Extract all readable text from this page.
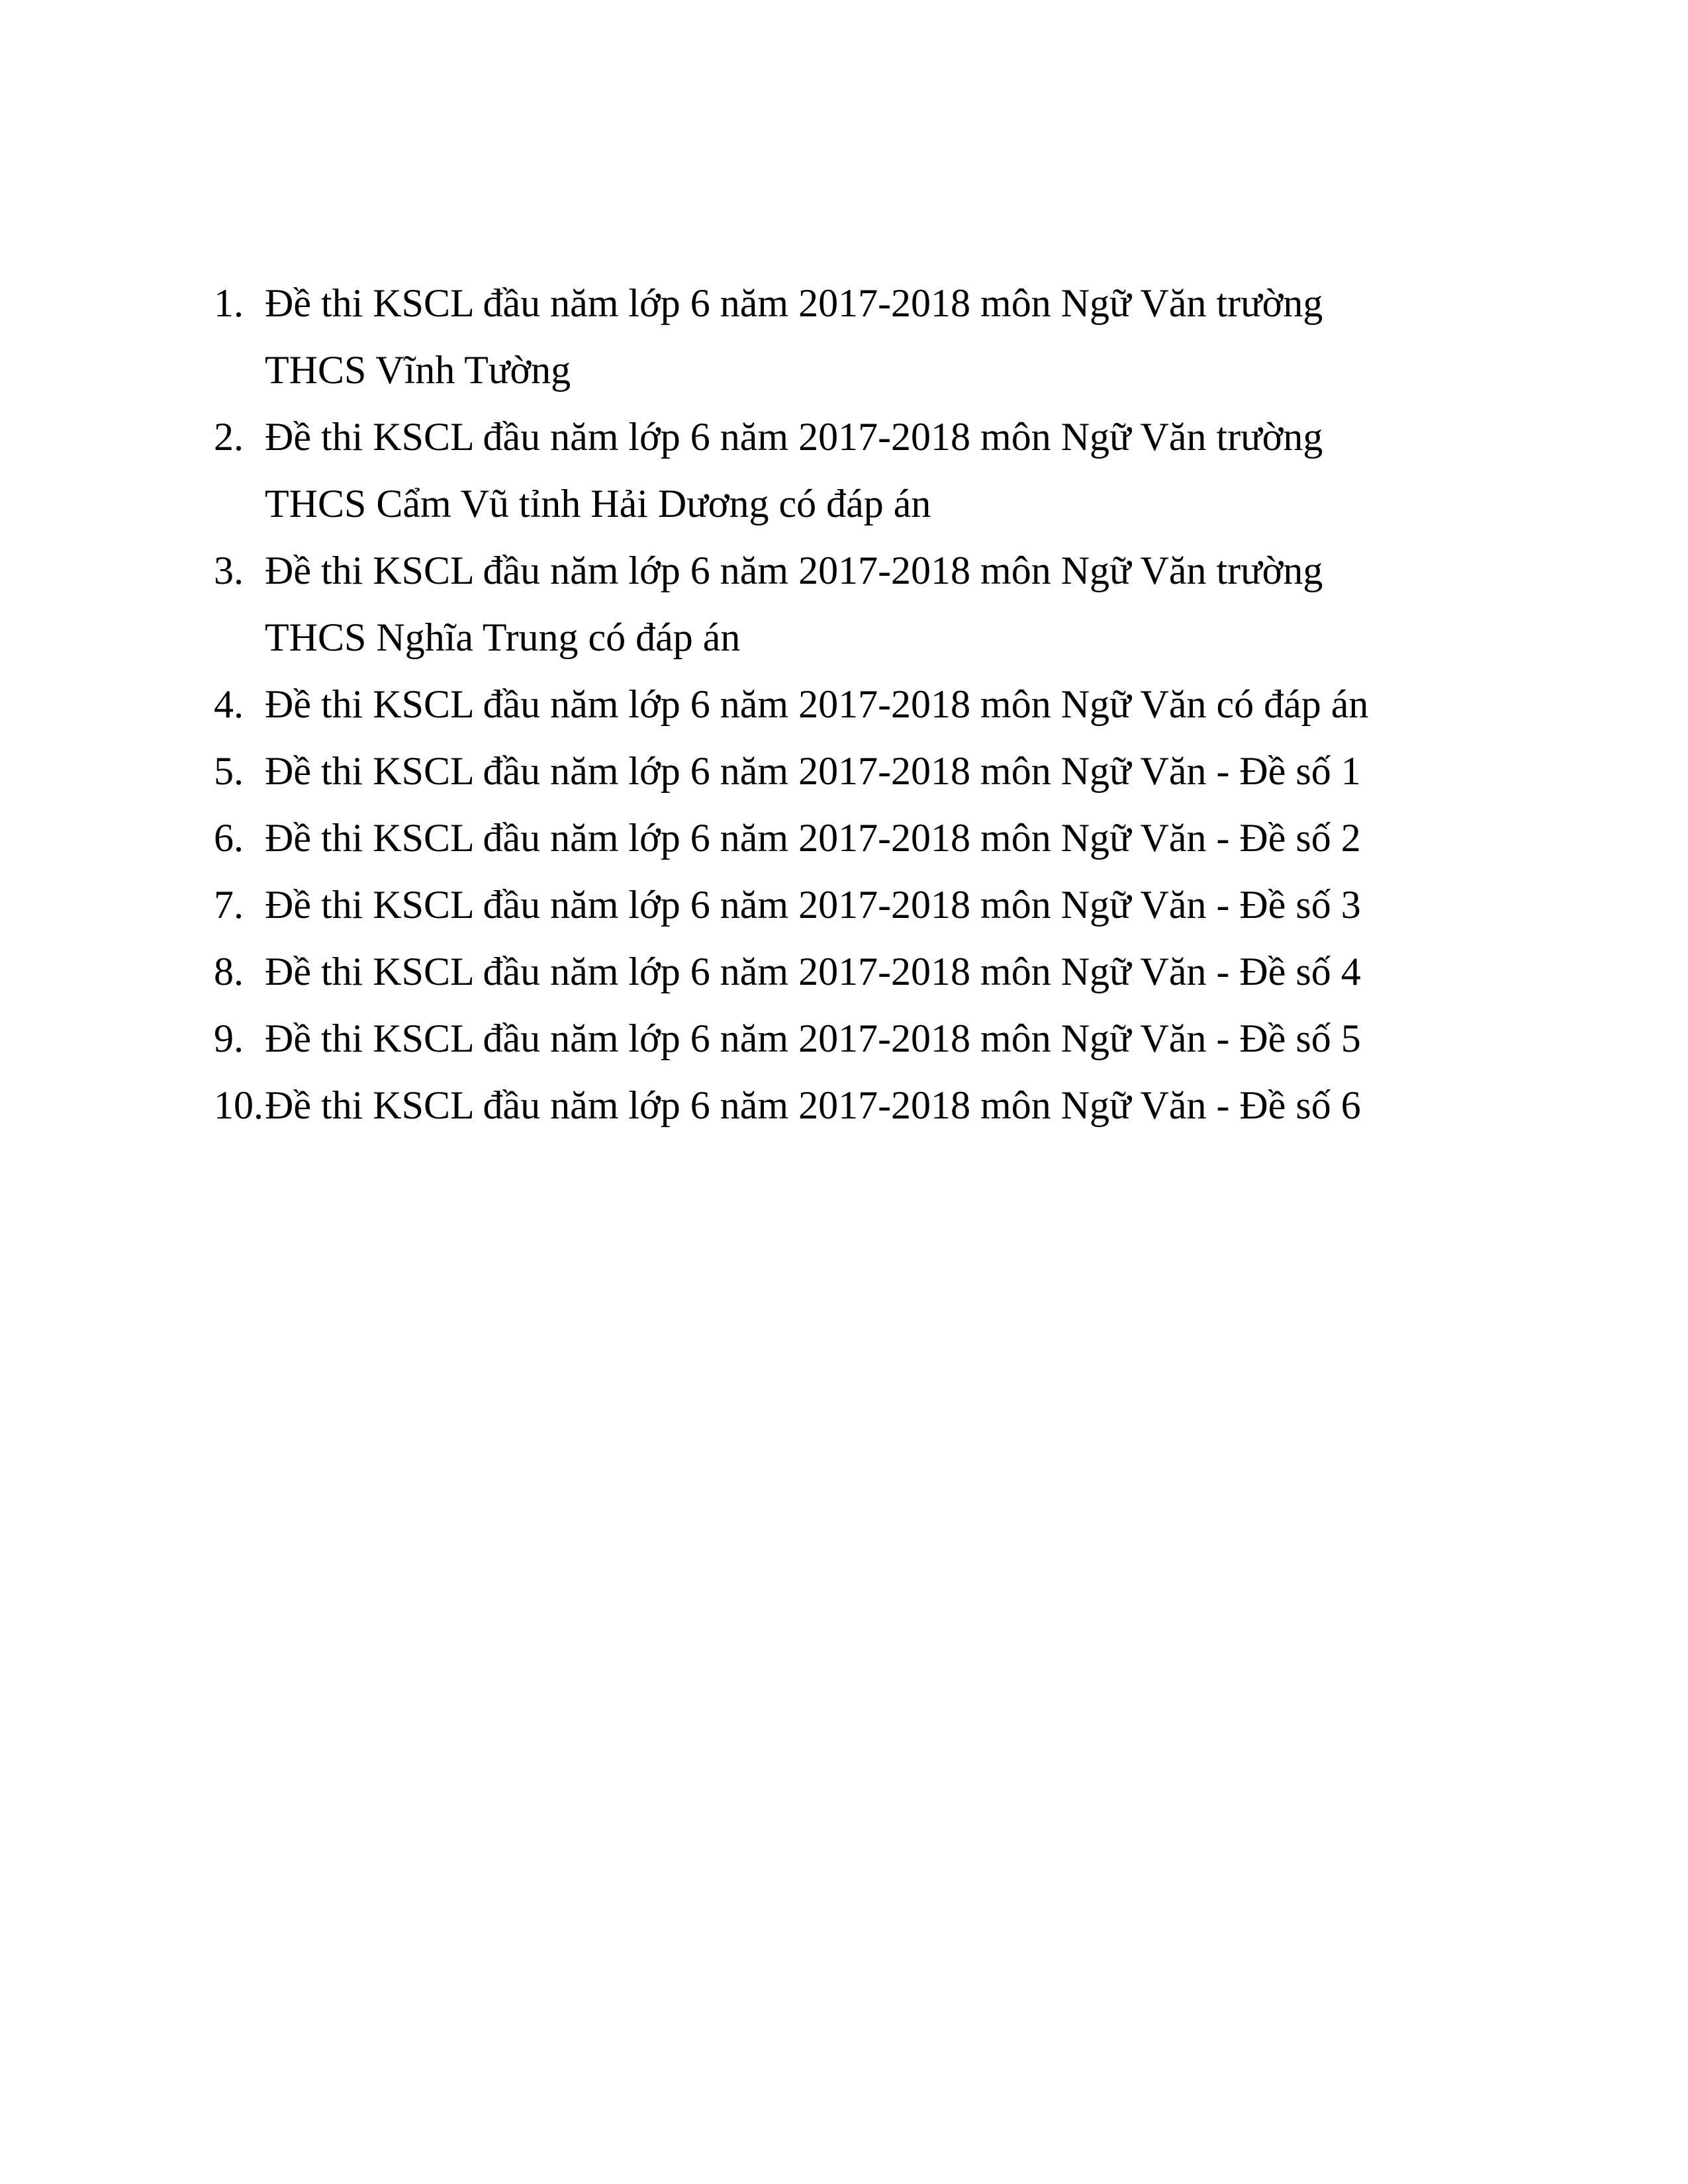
1. Đề thi KSCL đầu năm lớp 6 năm 2017-2018 môn Ngữ Văn trường THCS Vĩnh Tường
2. Đề thi KSCL đầu năm lớp 6 năm 2017-2018 môn Ngữ Văn trường THCS Cẩm Vũ tỉnh Hải Dương có đáp án
3. Đề thi KSCL đầu năm lớp 6 năm 2017-2018 môn Ngữ Văn trường THCS Nghĩa Trung có đáp án
4. Đề thi KSCL đầu năm lớp 6 năm 2017-2018 môn Ngữ Văn có đáp án
5. Đề thi KSCL đầu năm lớp 6 năm 2017-2018 môn Ngữ Văn - Đề số 1
6. Đề thi KSCL đầu năm lớp 6 năm 2017-2018 môn Ngữ Văn - Đề số 2
7. Đề thi KSCL đầu năm lớp 6 năm 2017-2018 môn Ngữ Văn - Đề số 3
8. Đề thi KSCL đầu năm lớp 6 năm 2017-2018 môn Ngữ Văn - Đề số 4
9. Đề thi KSCL đầu năm lớp 6 năm 2017-2018 môn Ngữ Văn - Đề số 5
10. Đề thi KSCL đầu năm lớp 6 năm 2017-2018 môn Ngữ Văn - Đề số 6
